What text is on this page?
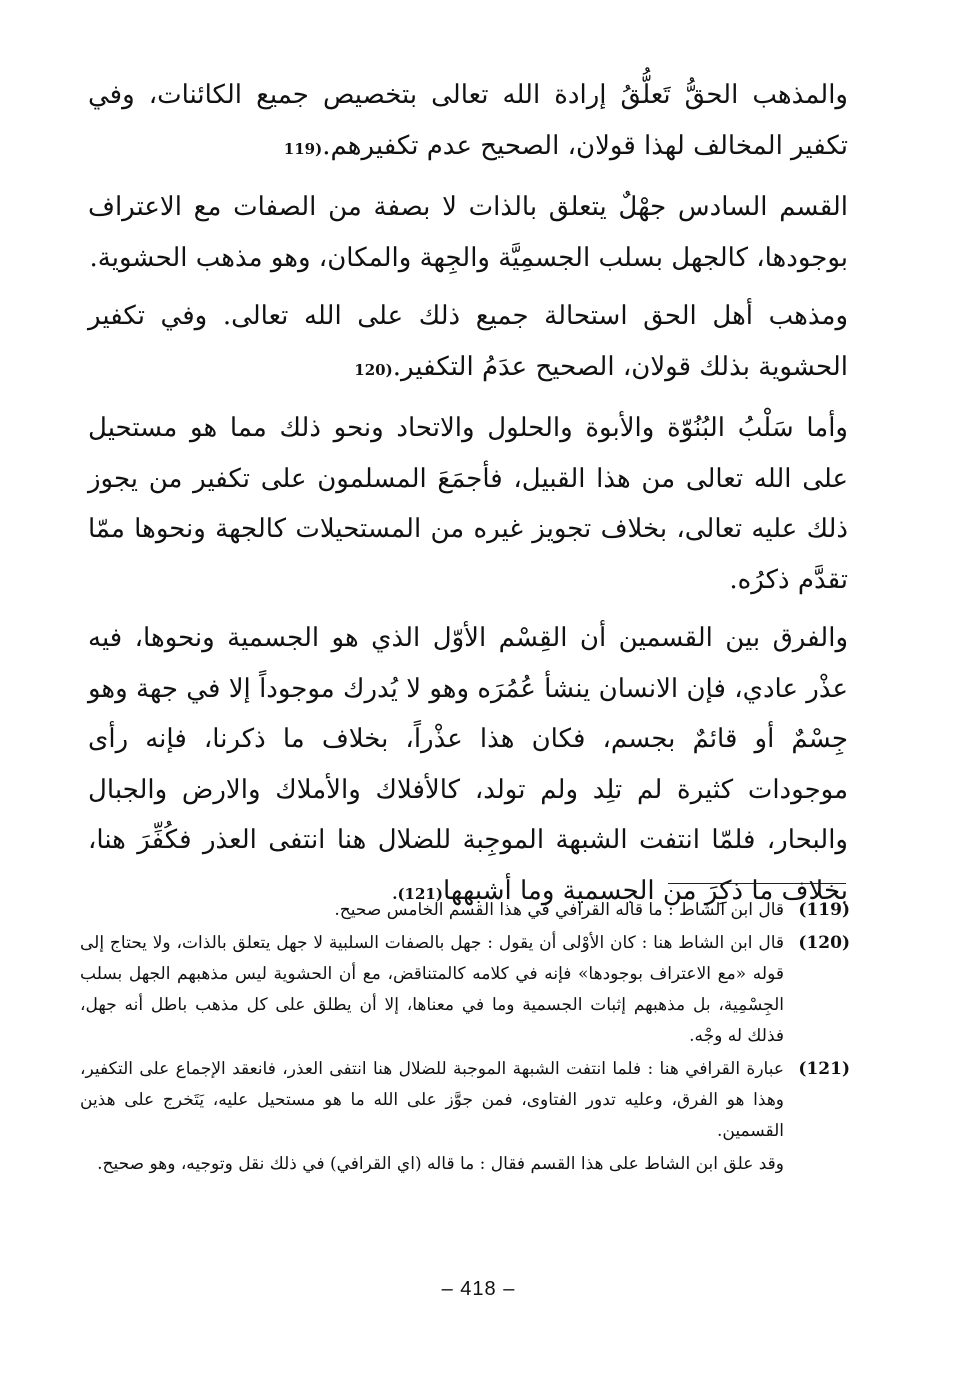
والمذهب الحقُّ تَعلُّقُ إرادة الله تعالى بتخصيص جميع الكائنات، وفي تكفير المخالف لهذا قولان، الصحيح عدم تكفيرهم.(119

القسم السادس جهْلٌ يتعلق بالذات لا بصفة من الصفات مع الاعتراف بوجودها، كالجهل بسلب الجسمِيَّة والجِهة والمكان، وهو مذهب الحشوية.

ومذهب أهل الحق استحالة جميع ذلك على الله تعالى. وفي تكفير الحشوية بذلك قولان، الصحيح عدَمُ التكفير.(120

وأما سَلْبُ البُنُوّة والأبوة والحلول والاتحاد ونحو ذلك مما هو مستحيل على الله تعالى من هذا القبيل، فأجمَعَ المسلمون على تكفير من يجوز ذلك عليه تعالى، بخلاف تجويز غيره من المستحيلات كالجهة ونحوها ممّا تقدَّم ذكرُه.

والفرق بين القسمين أن القِسْم الأوّل الذي هو الجسمية ونحوها، فيه عذْر عادي، فإن الانسان ينشأ عُمُرَه وهو لا يُدرك موجوداً إلا في جهة وهو جِسْمٌ أو قائمٌ بجسم، فكان هذا عذْراً، بخلاف ما ذكرنا، فإنه رأى موجودات كثيرة لم تلِد ولم تولد، كالأفلاك والأملاك والارض والجبال والبحار، فلمّا انتفت الشبهة الموجِبة للضلال هنا انتفى العذر فكُفِّرَ هنا، بخلاف ما ذكِرَ من الجسمية وما أشبهها(121).

(119)
قال ابن الشاط : ما قاله القرافي في هذا القسم الخامس صحيح.
(120)
قال ابن الشاط هنا : كان الأوْلى أن يقول : جهل بالصفات السلبية لا جهل يتعلق بالذات، ولا يحتاج إلى قوله «مع الاعتراف بوجودها» فإنه في كلامه كالمتناقض، مع أن الحشوية ليس مذهبهم الجهل بسلب الجِسْمِية، بل مذهبهم إثبات الجسمية وما في معناها، إلا أن يطلق على كل مذهب باطل أنه جهل، فذلك له وجْه.
(121)
عبارة القرافي هنا : فلما انتفت الشبهة الموجبة للضلال هنا انتفى العذر، فانعقد الإجماع على التكفير، وهذا هو الفرق، وعليه تدور الفتاوى، فمن جوَّز على الله ما هو مستحيل عليه، يَتَخرج على هذين القسمين.
وقد علق ابن الشاط على هذا القسم فقال : ما قاله (اي القرافي) في ذلك نقل وتوجيه، وهو صحيح.
– 418 –
